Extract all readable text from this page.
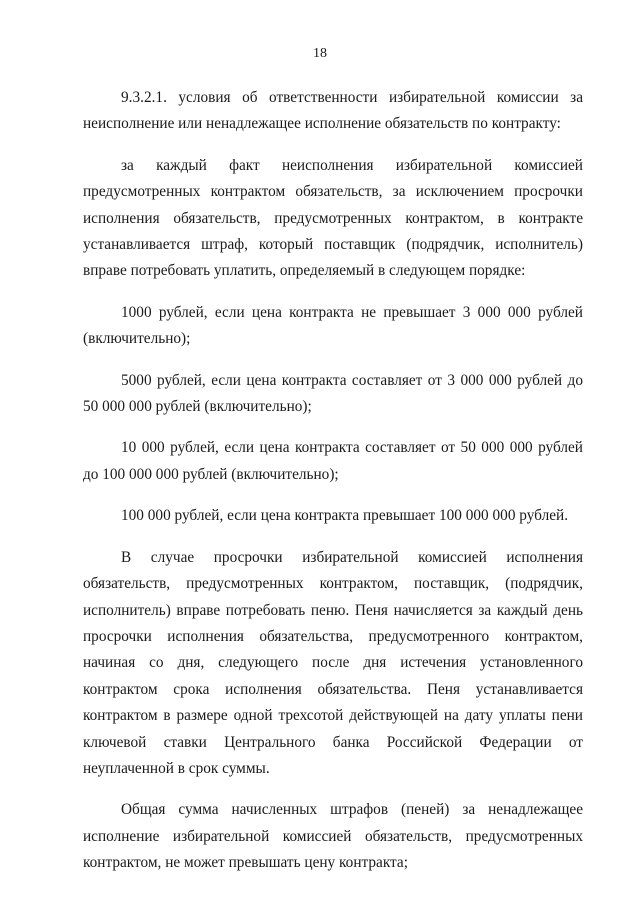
18

9.3.2.1. условия об ответственности избирательной комиссии за неисполнение или ненадлежащее исполнение обязательств по контракту:

за каждый факт неисполнения избирательной комиссией предусмотренных контрактом обязательств, за исключением просрочки исполнения обязательств, предусмотренных контрактом, в контракте устанавливается штраф, который поставщик (подрядчик, исполнитель) вправе потребовать уплатить, определяемый в следующем порядке:

1000 рублей, если цена контракта не превышает 3 000 000 рублей (включительно);

5000 рублей, если цена контракта составляет от 3 000 000 рублей до 50 000 000 рублей (включительно);

10 000 рублей, если цена контракта составляет от 50 000 000 рублей до 100 000 000 рублей (включительно);

100 000 рублей, если цена контракта превышает 100 000 000 рублей.

В случае просрочки избирательной комиссией исполнения обязательств, предусмотренных контрактом, поставщик, (подрядчик, исполнитель) вправе потребовать пеню. Пеня начисляется за каждый день просрочки исполнения обязательства, предусмотренного контрактом, начиная со дня, следующего после дня истечения установленного контрактом срока исполнения обязательства. Пеня устанавливается контрактом в размере одной трехсотой действующей на дату уплаты пени ключевой ставки Центрального банка Российской Федерации от неуплаченной в срок суммы.

Общая сумма начисленных штрафов (пеней) за ненадлежащее исполнение избирательной комиссией обязательств, предусмотренных контрактом, не может превышать цену контракта;
